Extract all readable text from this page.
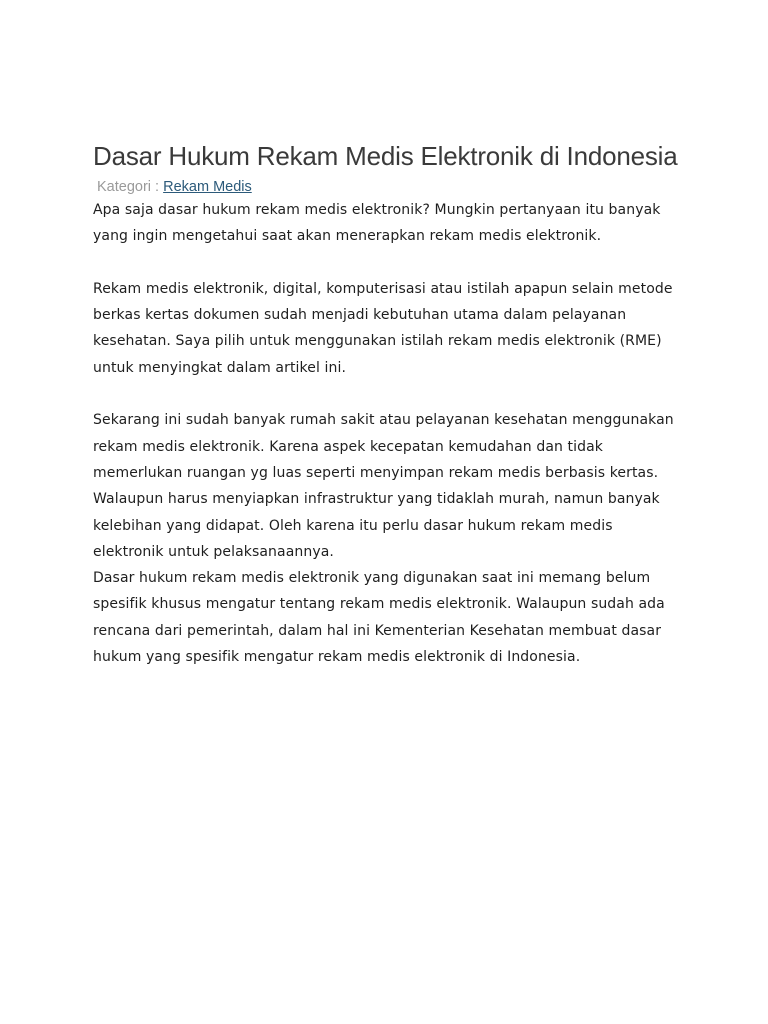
Dasar Hukum Rekam Medis Elektronik di Indonesia
Kategori : Rekam Medis

Apa saja dasar hukum rekam medis elektronik? Mungkin pertanyaan itu banyak yang ingin mengetahui saat akan menerapkan rekam medis elektronik.

Rekam medis elektronik, digital, komputerisasi atau istilah apapun selain metode berkas kertas dokumen sudah menjadi kebutuhan utama dalam pelayanan kesehatan. Saya pilih untuk menggunakan istilah rekam medis elektronik (RME) untuk menyingkat dalam artikel ini.

Sekarang ini sudah banyak rumah sakit atau pelayanan kesehatan menggunakan rekam medis elektronik. Karena aspek kecepatan kemudahan dan tidak memerlukan ruangan yg luas seperti menyimpan rekam medis berbasis kertas. Walaupun harus menyiapkan infrastruktur yang tidaklah murah, namun banyak kelebihan yang didapat. Oleh karena itu perlu dasar hukum rekam medis elektronik untuk pelaksanaannya.

Dasar hukum rekam medis elektronik yang digunakan saat ini memang belum spesifik khusus mengatur tentang rekam medis elektronik. Walaupun sudah ada rencana dari pemerintah, dalam hal ini Kementerian Kesehatan membuat dasar hukum yang spesifik mengatur rekam medis elektronik di Indonesia.
